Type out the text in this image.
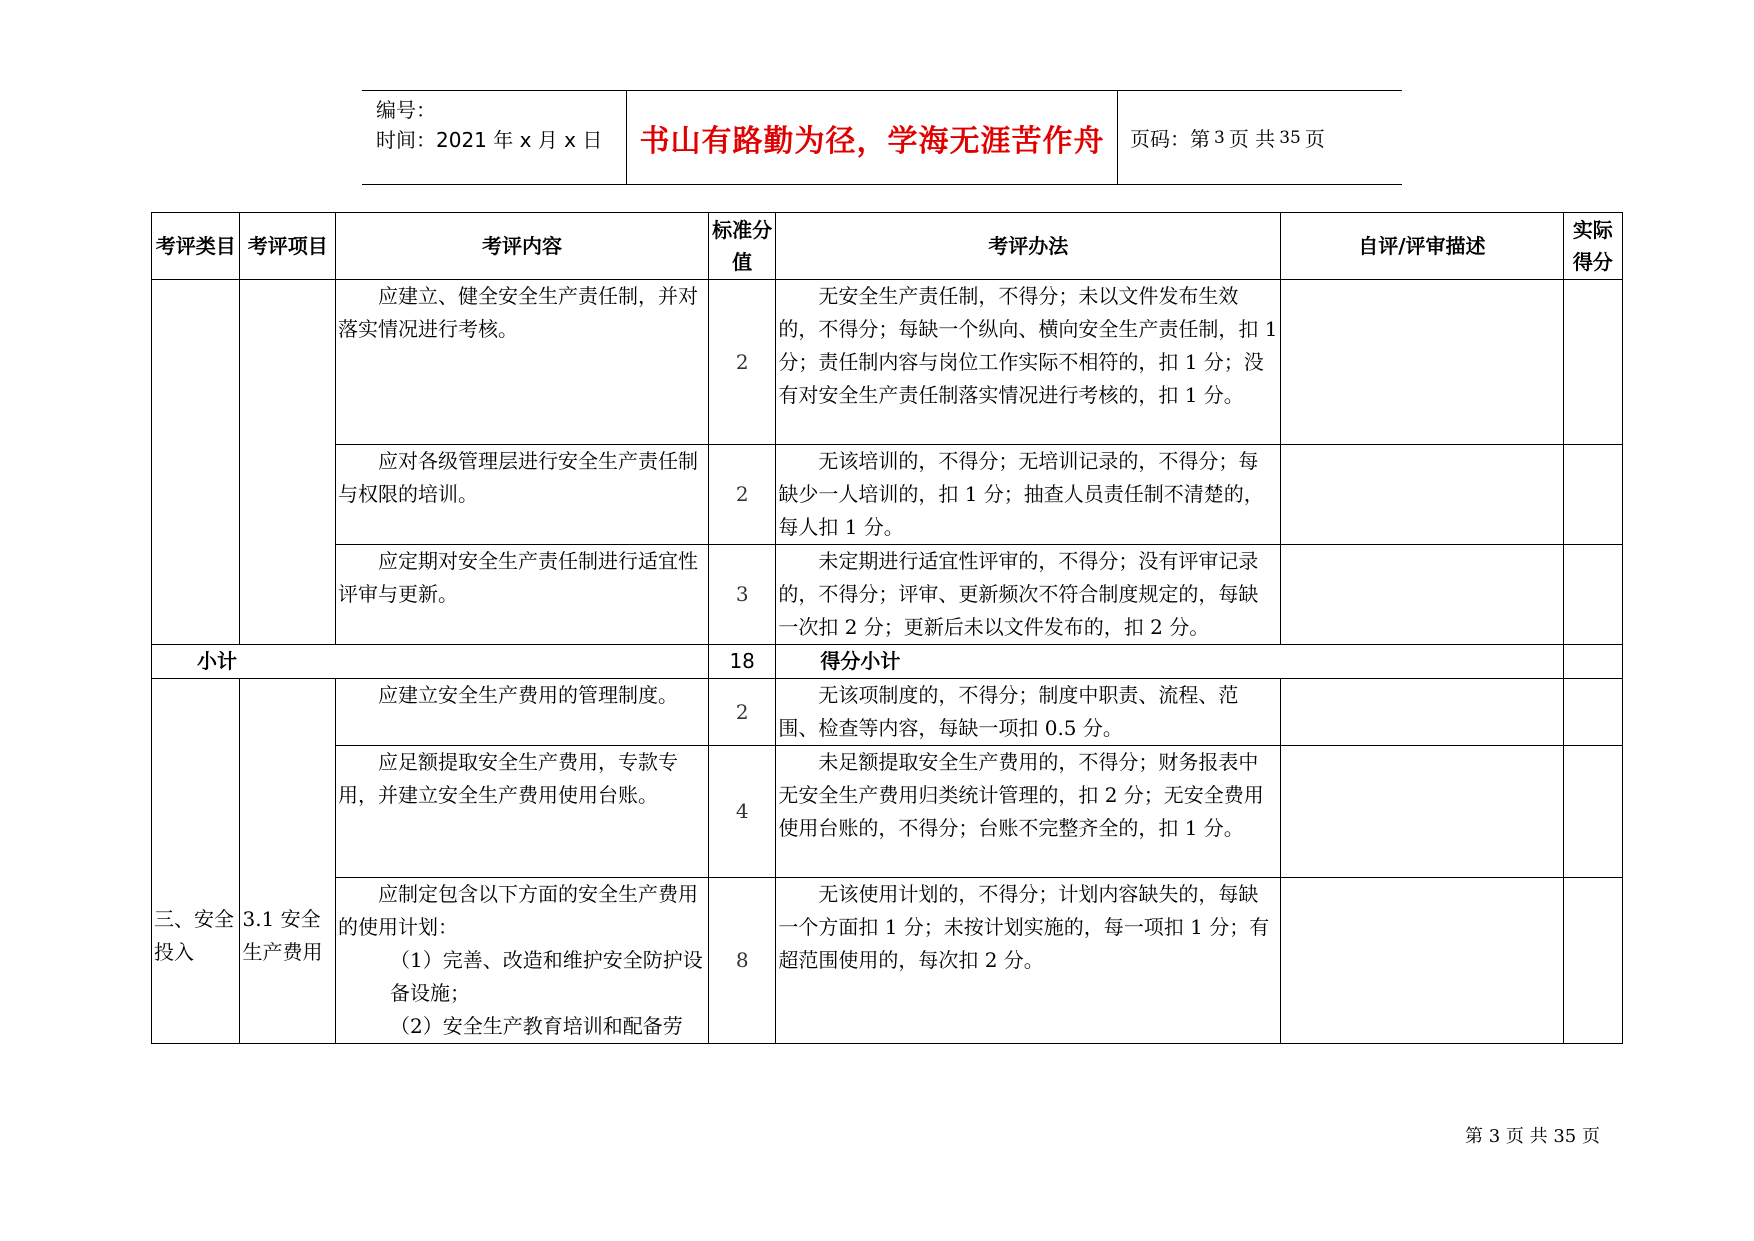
编号：
时间：2021 年 x 月 x 日	书山有路勤为径，学海无涯苦作舟	页码：第 3 页 共 35 页
考评类目	考评项目	考评内容	标准分值	考评办法	自评/评审描述	实际得分
		应建立、健全安全生产责任制，并对落实情况进行考核。	2	无安全生产责任制，不得分；未以文件发布生效的，不得分；每缺一个纵向、横向安全生产责任制，扣 1 分；责任制内容与岗位工作实际不相符的，扣 1 分；没有对安全生产责任制落实情况进行考核的，扣 1 分。		
		应对各级管理层进行安全生产责任制与权限的培训。	2	无该培训的，不得分；无培训记录的，不得分；每缺少一人培训的，扣 1 分；抽查人员责任制不清楚的，每人扣 1 分。		
		应定期对安全生产责任制进行适宜性评审与更新。	3	未定期进行适宜性评审的，不得分；没有评审记录的，不得分；评审、更新频次不符合制度规定的，每缺一次扣 2 分；更新后未以文件发布的，扣 2 分。		
小计			18	得分小计		
三、安全投入	3.1 安全生产费用	应建立安全生产费用的管理制度。	2	无该项制度的，不得分；制度中职责、流程、范围、检查等内容，每缺一项扣 0.5 分。		
		应足额提取安全生产费用，专款专用，并建立安全生产费用使用台账。	4	未足额提取安全生产费用的，不得分；财务报表中无安全生产费用归类统计管理的，扣 2 分；无安全费用使用台账的，不得分；台账不完整齐全的，扣 1 分。		

		应制定包含以下方面的安全生产费用的使用计划：
（1）完善、改造和维护安全防护设备设施；
（2）安全生产教育培训和配备劳	8	无该使用计划的，不得分；计划内容缺失的，每缺一个方面扣 1 分；未按计划实施的，每一项扣 1 分；有超范围使用的，每次扣 2 分。		
第 3 页 共 35 页
